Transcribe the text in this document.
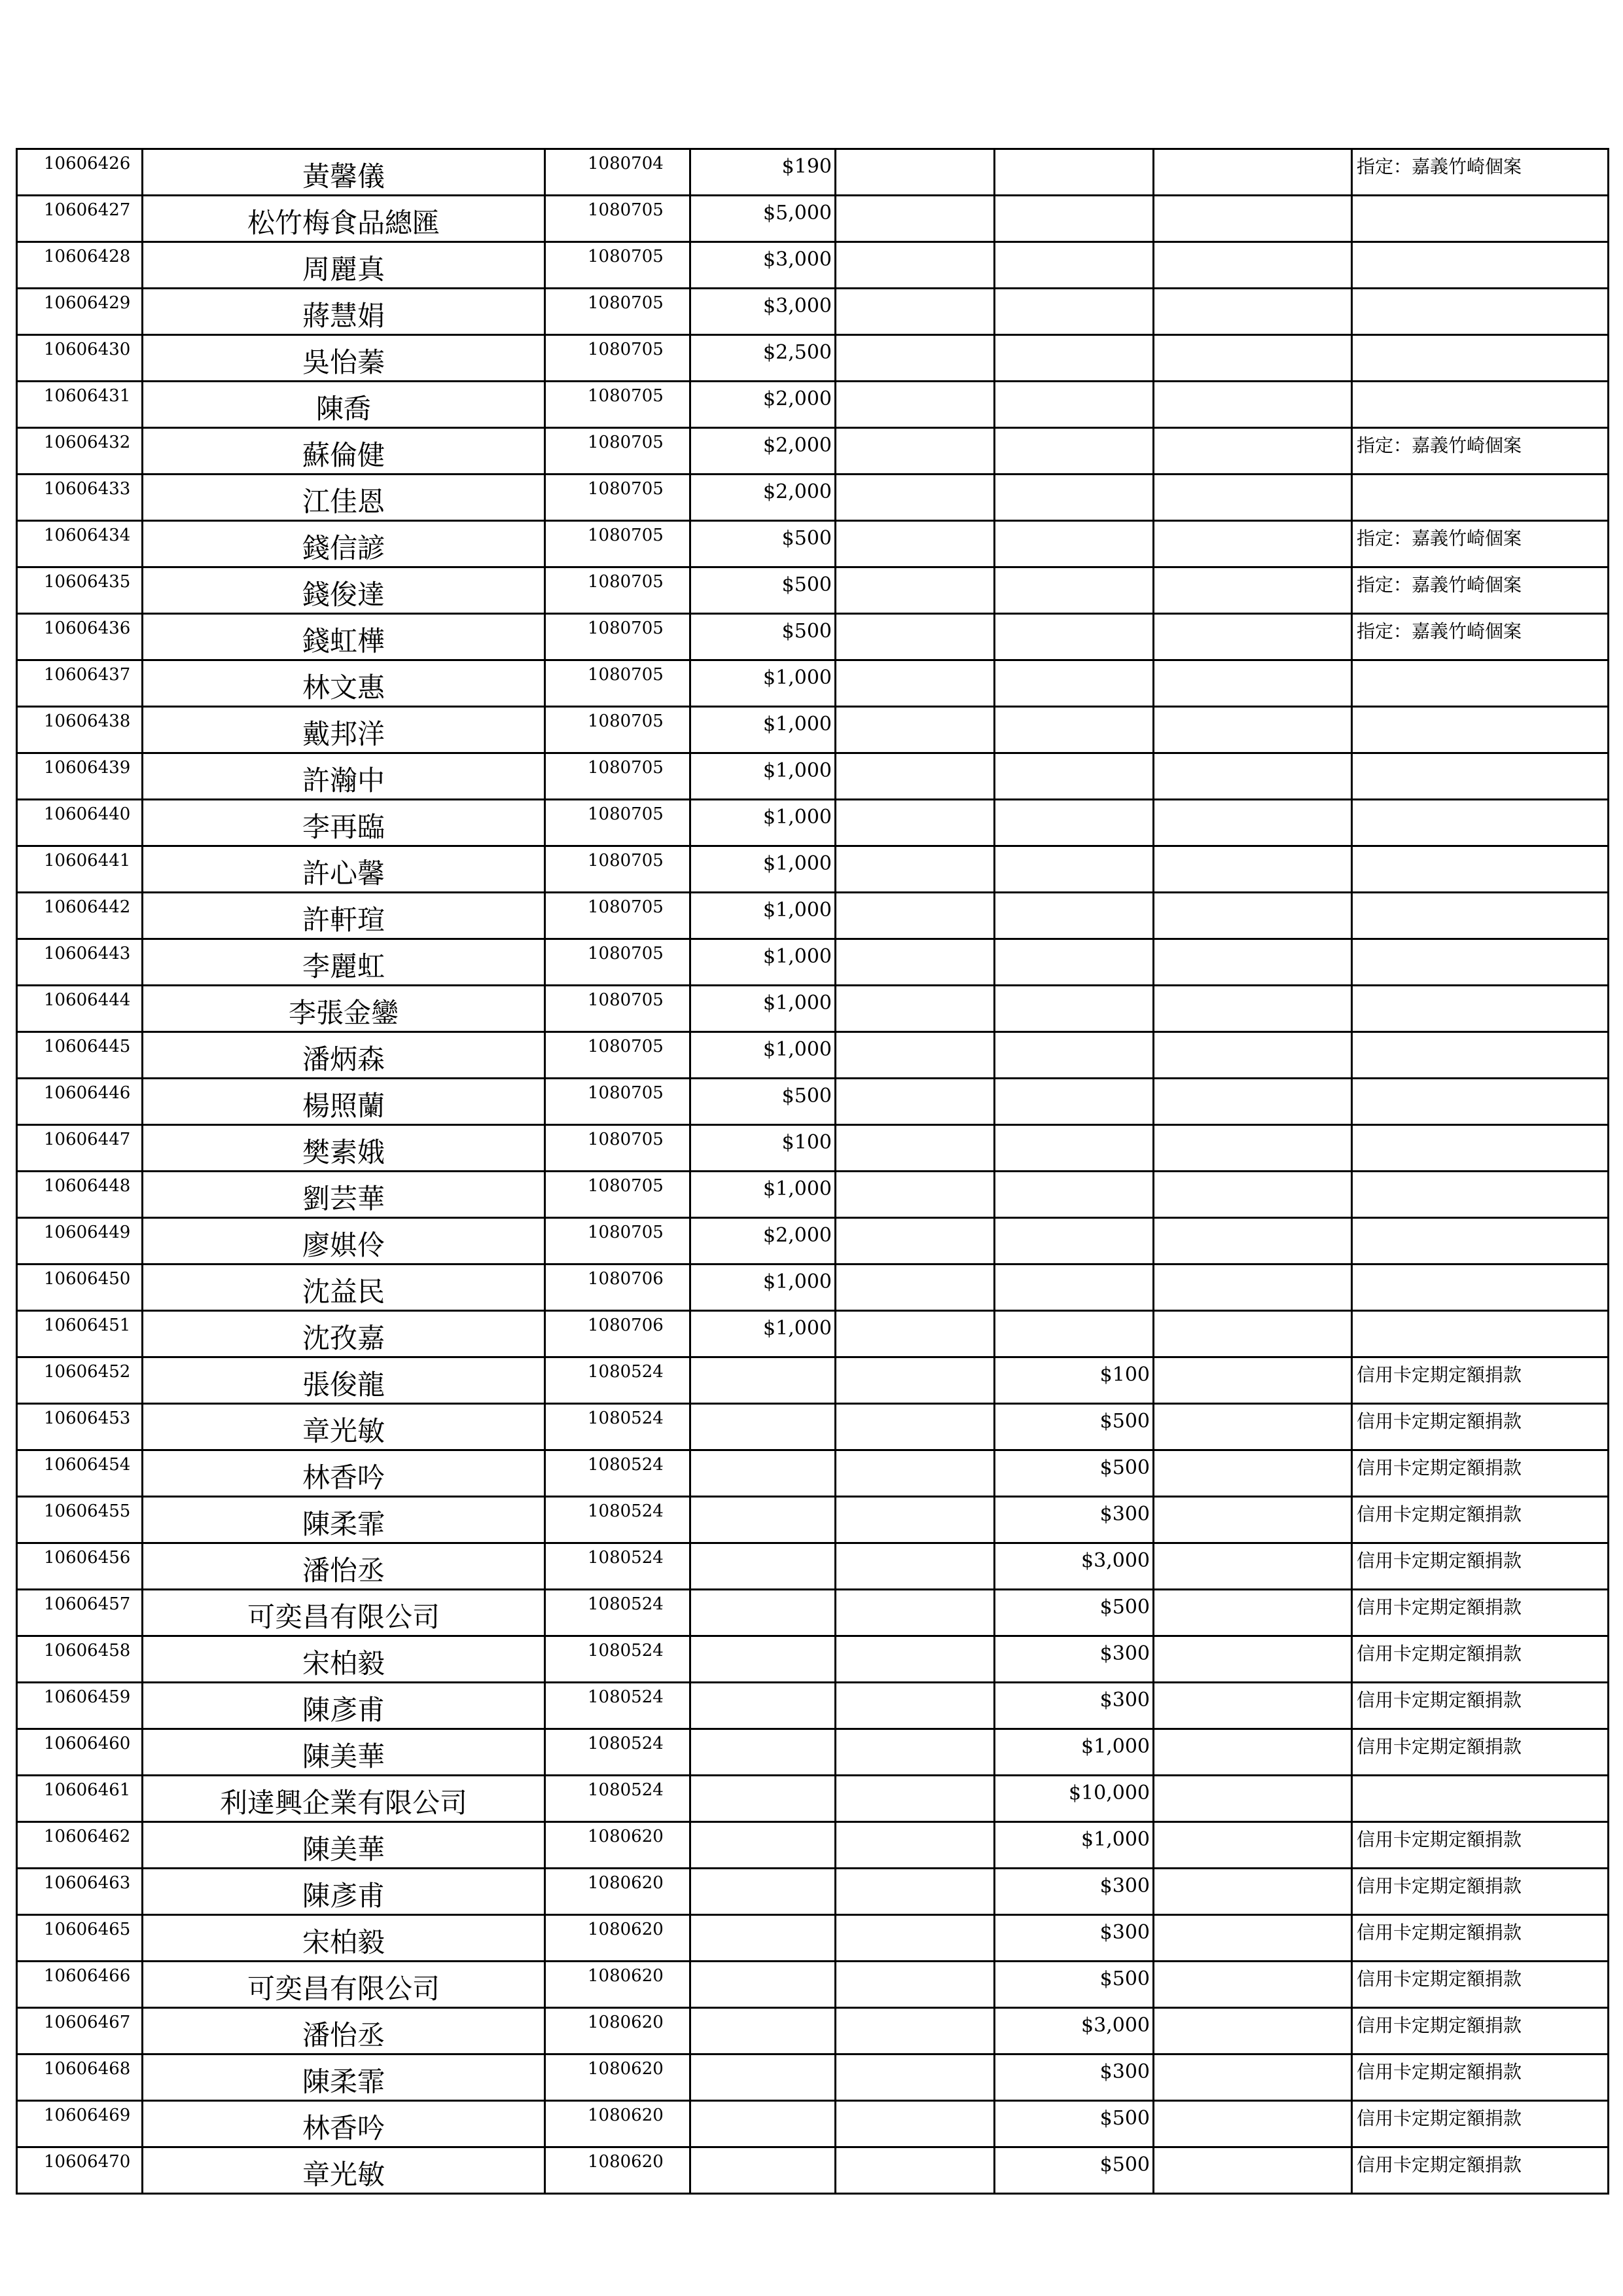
10606426	黃馨儀	1080704	$190				指定：嘉義竹崎個案
10606427	松竹梅食品總匯	1080705	$5,000				
10606428	周麗真	1080705	$3,000				
10606429	蔣慧娟	1080705	$3,000				
10606430	吳怡蓁	1080705	$2,500				
10606431	陳喬	1080705	$2,000				
10606432	蘇倫健	1080705	$2,000				指定：嘉義竹崎個案
10606433	江佳恩	1080705	$2,000				
10606434	錢信諺	1080705	$500				指定：嘉義竹崎個案
10606435	錢俊達	1080705	$500				指定：嘉義竹崎個案
10606436	錢虹樺	1080705	$500				指定：嘉義竹崎個案
10606437	林文惠	1080705	$1,000				
10606438	戴邦洋	1080705	$1,000				
10606439	許瀚中	1080705	$1,000				
10606440	李再臨	1080705	$1,000				
10606441	許心馨	1080705	$1,000				
10606442	許軒瑄	1080705	$1,000				
10606443	李麗虹	1080705	$1,000				
10606444	李張金鑾	1080705	$1,000				
10606445	潘炳森	1080705	$1,000				
10606446	楊照蘭	1080705	$500				
10606447	樊素娥	1080705	$100				
10606448	劉芸華	1080705	$1,000				
10606449	廖娸伶	1080705	$2,000				
10606450	沈益民	1080706	$1,000				
10606451	沈孜嘉	1080706	$1,000				
10606452	張俊龍	1080524			$100		信用卡定期定額捐款
10606453	章光敏	1080524			$500		信用卡定期定額捐款
10606454	林香吟	1080524			$500		信用卡定期定額捐款
10606455	陳柔霏	1080524			$300		信用卡定期定額捐款
10606456	潘怡丞	1080524			$3,000		信用卡定期定額捐款
10606457	可奕昌有限公司	1080524			$500		信用卡定期定額捐款
10606458	宋柏毅	1080524			$300		信用卡定期定額捐款
10606459	陳彥甫	1080524			$300		信用卡定期定額捐款
10606460	陳美華	1080524			$1,000		信用卡定期定額捐款
10606461	利達興企業有限公司	1080524			$10,000		
10606462	陳美華	1080620			$1,000		信用卡定期定額捐款
10606463	陳彥甫	1080620			$300		信用卡定期定額捐款
10606465	宋柏毅	1080620			$300		信用卡定期定額捐款
10606466	可奕昌有限公司	1080620			$500		信用卡定期定額捐款
10606467	潘怡丞	1080620			$3,000		信用卡定期定額捐款
10606468	陳柔霏	1080620			$300		信用卡定期定額捐款
10606469	林香吟	1080620			$500		信用卡定期定額捐款
10606470	章光敏	1080620			$500		信用卡定期定額捐款
